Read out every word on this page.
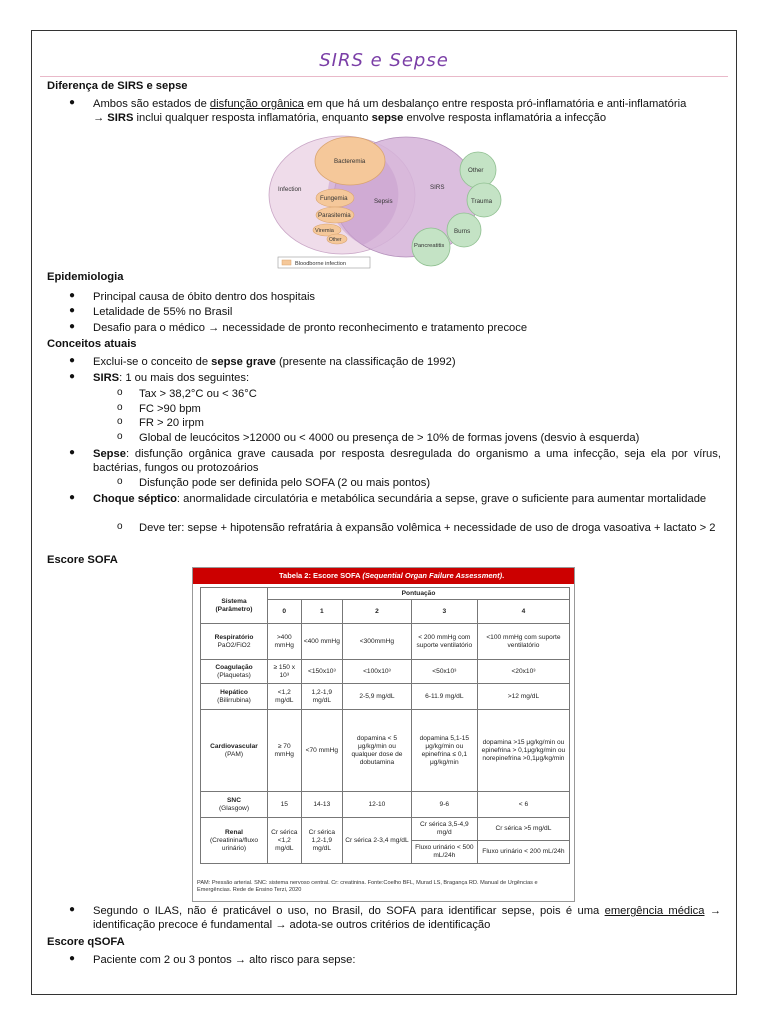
SIRS e Sepse
Diferença de SIRS e sepse
● Ambos são estados de disfunção orgânica em que há um desbalanço entre resposta pró-inflamatória e anti-inflamatória
→ SIRS inclui qualquer resposta inflamatória, enquanto sepse envolve resposta inflamatória a infecção
Infection
Bacteremia
Sepsis
SIRS
Fungemia
Parasitemia
Viremia
Other
Other
Trauma
Burns
Pancreatitis
Bloodborne infection
Epidemiologia
● Principal causa de óbito dentro dos hospitais
● Letalidade de 55% no Brasil
● Desafio para o médico → necessidade de pronto reconhecimento e tratamento precoce
Conceitos atuais
● Exclui-se o conceito de sepse grave (presente na classificação de 1992)
● SIRS: 1 ou mais dos seguintes:
o Tax > 38,2°C ou < 36°C
o FC >90 bpm
o FR > 20 irpm
o Global de leucócitos >12000 ou < 4000 ou presença de > 10% de formas jovens (desvio à esquerda)
● Sepse: disfunção orgânica grave causada por resposta desregulada do organismo a uma infecção, seja ela por vírus, bactérias, fungos ou protozoários
o Disfunção pode ser definida pelo SOFA (2 ou mais pontos)
● Choque séptico: anormalidade circulatória e metabólica secundária a sepse, grave o suficiente para aumentar mortalidade
o Deve ter: sepse + hipotensão refratária à expansão volêmica + necessidade de uso de droga vasoativa + lactato > 2
Escore SOFA
Tabela 2: Escore SOFA (Sequential Organ Failure Assessment).
Sistema (Parâmetro)	Pontuação				
	0	1	2	3	4
Respiratório
PaO2/FiO2	>400 mmHg	<400 mmHg	<300mmHg	< 200 mmHg com suporte ventilatório	<100 mmHg com suporte ventilatório
Coagulação
(Plaquetas)	≥ 150 x 10³	<150x10³	<100x10³	<50x10³	<20x10³
Hepático
(Bilirrubina)	<1,2 mg/dL	1,2-1,9 mg/dL	2-5,9 mg/dL	6-11.9 mg/dL	>12 mg/dL
Cardiovascular
(PAM)	≥ 70 mmHg	<70 mmHg	dopamina < 5 μg/kg/min ou qualquer dose de dobutamina	dopamina 5,1-15 μg/kg/min ou epinefrina ≤ 0,1 μg/kg/min	dopamina >15 μg/kg/min ou epinefrina > 0,1μg/kg/min ou norepinefrina >0,1μg/kg/min
SNC
(Glasgow)	15	14-13	12-10	9-6	< 6
Renal
(Creatinina/fluxo urinário)	Cr sérica <1,2 mg/dL	Cr sérica 1,2-1,9 mg/dL	Cr sérica 2-3,4 mg/dL	Cr sérica 3,5-4,9 mg/d	Cr sérica >5 mg/dL
				Fluxo urinário < 500 mL/24h	Fluxo urinário < 200 mL/24h
PAM: Pressão arterial. SNC: sistema nervoso central. Cr: creatinina. Fonte:Coelho BFL, Murad LS, Bragança RD. Manual de Urgências e Emergências. Rede de Ensino Terzi, 2020
● Segundo o ILAS, não é praticável o uso, no Brasil, do SOFA para identificar sepse, pois é uma emergência médica → identificação precoce é fundamental → adota-se outros critérios de identificação
Escore qSOFA
● Paciente com 2 ou 3 pontos → alto risco para sepse:
